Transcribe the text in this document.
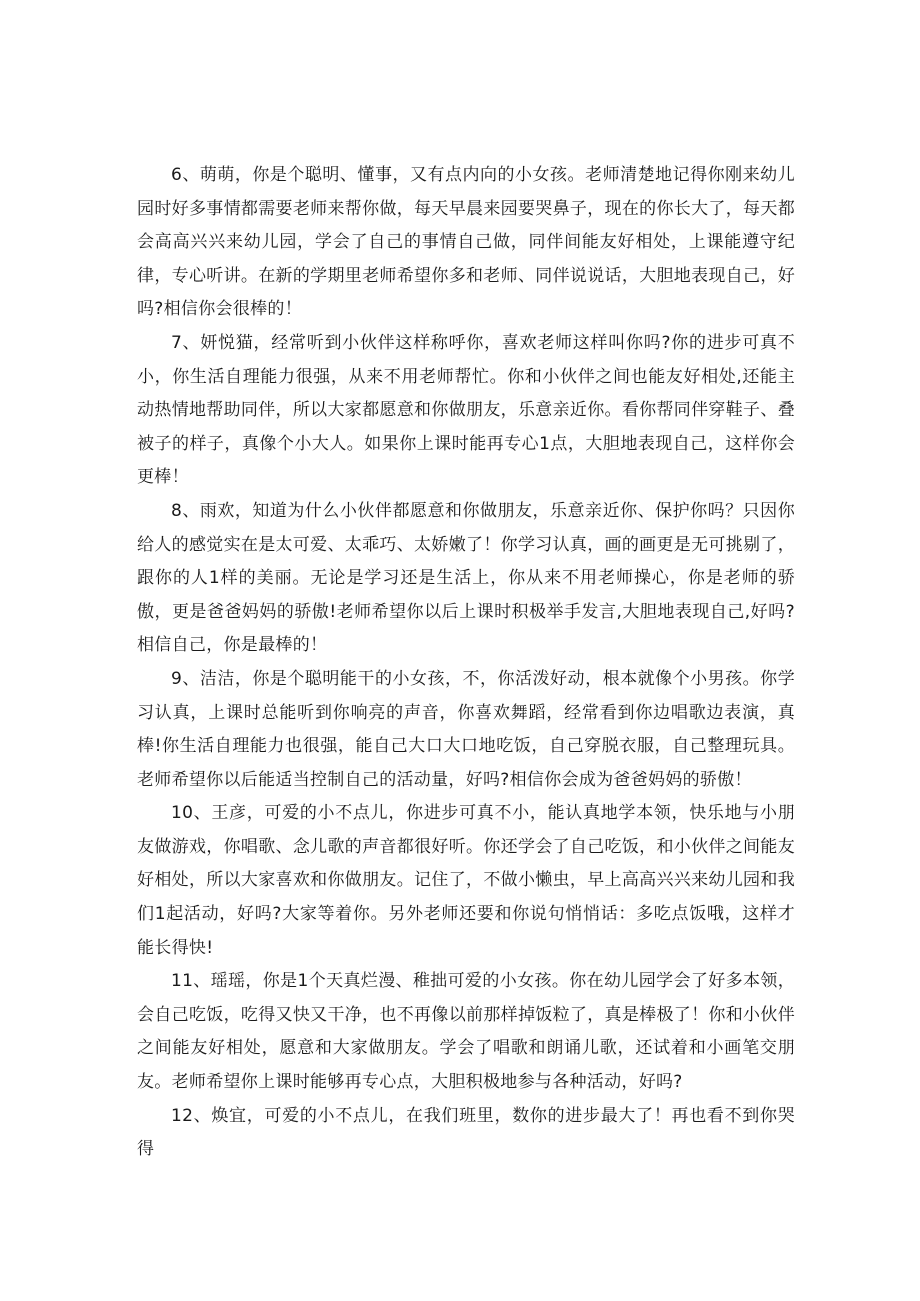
6、萌萌，你是个聪明、懂事，又有点内向的小女孩。老师清楚地记得你刚来幼儿园时好多事情都需要老师来帮你做，每天早晨来园要哭鼻子，现在的你长大了，每天都会高高兴兴来幼儿园，学会了自己的事情自己做，同伴间能友好相处，上课能遵守纪律，专心听讲。在新的学期里老师希望你多和老师、同伴说说话，大胆地表现自己，好吗?相信你会很棒的！

7、妍悦猫，经常听到小伙伴这样称呼你，喜欢老师这样叫你吗?你的进步可真不小，你生活自理能力很强，从来不用老师帮忙。你和小伙伴之间也能友好相处,还能主动热情地帮助同伴，所以大家都愿意和你做朋友，乐意亲近你。看你帮同伴穿鞋子、叠被子的样子，真像个小大人。如果你上课时能再专心1点，大胆地表现自己，这样你会更棒！

8、雨欢，知道为什么小伙伴都愿意和你做朋友，乐意亲近你、保护你吗？只因你给人的感觉实在是太可爱、太乖巧、太娇嫩了！你学习认真，画的画更是无可挑剔了，跟你的人1样的美丽。无论是学习还是生活上，你从来不用老师操心，你是老师的骄傲，更是爸爸妈妈的骄傲!老师希望你以后上课时积极举手发言,大胆地表现自己,好吗?相信自己，你是最棒的！

9、洁洁，你是个聪明能干的小女孩，不，你活泼好动，根本就像个小男孩。你学习认真，上课时总能听到你响亮的声音，你喜欢舞蹈，经常看到你边唱歌边表演，真棒!你生活自理能力也很强，能自己大口大口地吃饭，自己穿脱衣服，自己整理玩具。老师希望你以后能适当控制自己的活动量，好吗?相信你会成为爸爸妈妈的骄傲！

10、王彦，可爱的小不点儿，你进步可真不小，能认真地学本领，快乐地与小朋友做游戏，你唱歌、念儿歌的声音都很好听。你还学会了自己吃饭，和小伙伴之间能友好相处，所以大家喜欢和你做朋友。记住了，不做小懒虫，早上高高兴兴来幼儿园和我们1起活动，好吗?大家等着你。另外老师还要和你说句悄悄话：多吃点饭哦，这样才能长得快!

11、瑶瑶，你是1个天真烂漫、稚拙可爱的小女孩。你在幼儿园学会了好多本领，会自己吃饭，吃得又快又干净，也不再像以前那样掉饭粒了，真是棒极了！你和小伙伴之间能友好相处，愿意和大家做朋友。学会了唱歌和朗诵儿歌，还试着和小画笔交朋友。老师希望你上课时能够再专心点，大胆积极地参与各种活动，好吗?

12、焕宜，可爱的小不点儿，在我们班里，数你的进步最大了！再也看不到你哭得
